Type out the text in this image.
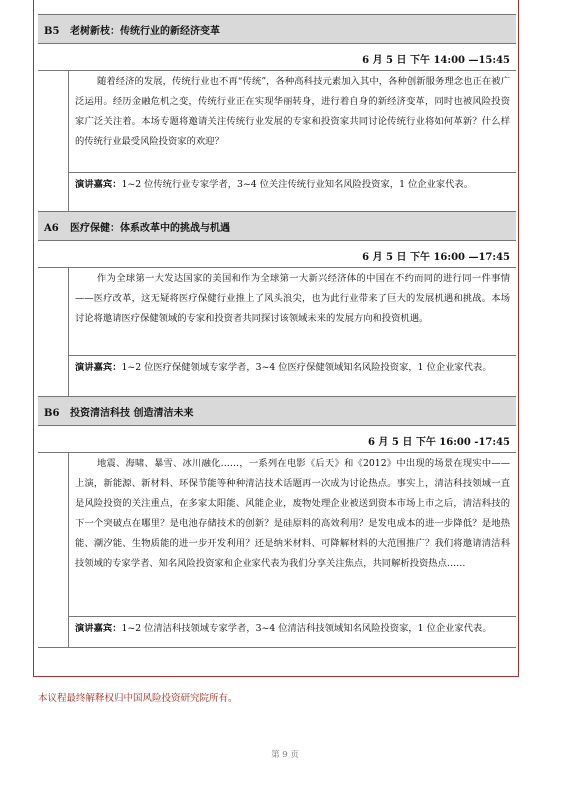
B5 老树新枝：传统行业的新经济变革
6 月 5 日 下午 14:00 —15:45
随着经济的发展，传统行业也不再“传统”，各种高科技元素加入其中，各种创新服务理念也正在被广泛运用。经历金融危机之变，传统行业正在实现华丽转身，进行着自身的新经济变革，同时也被风险投资家广泛关注着。本场专题将邀请关注传统行业发展的专家和投资家共同讨论传统行业将如何革新？什么样的传统行业最受风险投资家的欢迎？
演讲嘉宾：1~2 位传统行业专家学者，3~4 位关注传统行业知名风险投资家，1 位企业家代表。
A6 医疗保健：体系改革中的挑战与机遇
6 月 5 日 下午 16:00 —17:45
作为全球第一大发达国家的美国和作为全球第一大新兴经济体的中国在不约而同的进行同一件事情——医疗改革，这无疑将医疗保健行业推上了风头浪尖，也为此行业带来了巨大的发展机遇和挑战。本场讨论将邀请医疗保健领域的专家和投资者共同探讨该领域未来的发展方向和投资机遇。
演讲嘉宾：1~2 位医疗保健领域专家学者，3~4 位医疗保健领域知名风险投资家，1 位企业家代表。
B6 投资清洁科技 创造清洁未来
6 月 5 日 下午 16:00 -17:45
地震、海啸、暴雪、冰川融化……，一系列在电影《后天》和《2012》中出现的场景在现实中——上演，新能源、新材料、环保节能等种种清洁技术话题再一次成为讨论热点。事实上，清洁科技领域一直是风险投资的关注重点，在多家太阳能、风能企业，废物处理企业被送到资本市场上市之后，清洁科技的下一个突破点在哪里？是电池存储技术的创新？是硅原料的高效利用？是发电成本的进一步降低？是地热能、潮汐能、生物质能的进一步开发利用？还是纳米材料、可降解材料的大范围推广？我们将邀请清洁科技领域的专家学者、知名风险投资家和企业家代表为我们分享关注焦点，共同解析投资热点……
演讲嘉宾：1~2 位清洁科技领域专家学者，3~4 位清洁科技领域知名风险投资家，1 位企业家代表。
本议程最终解释权归中国风险投资研究院所有。
第 9 页
